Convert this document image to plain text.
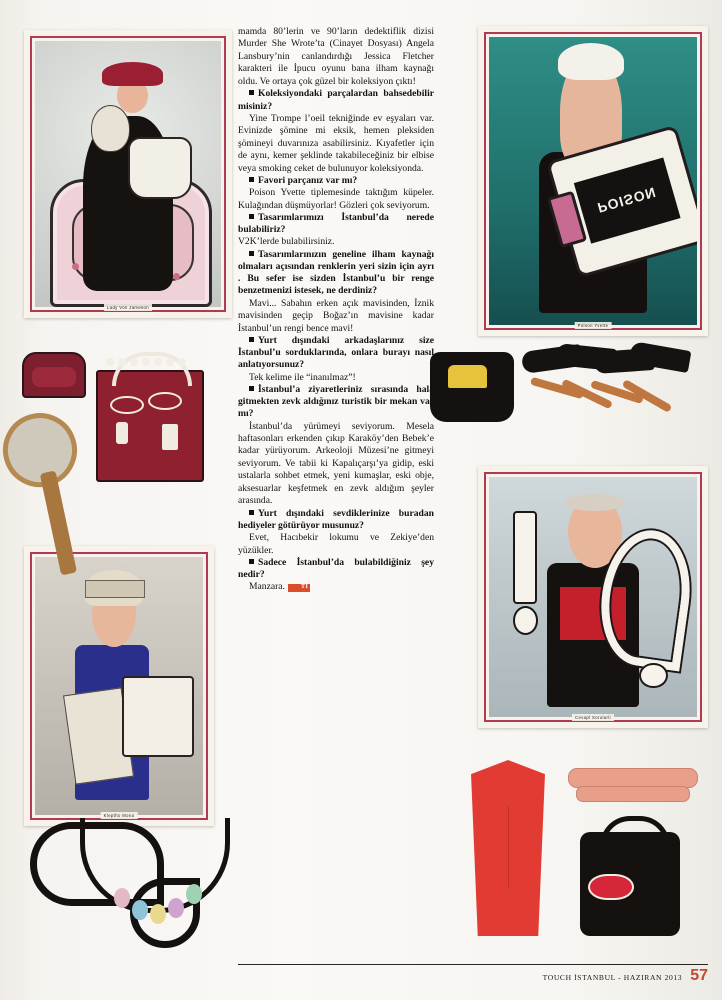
Lady Von Jameson
POISON
Poison Yvette
Cevapl Sorularli
Kleptho Mona

mamda 80’lerin ve 90’ların dedektiflik dizisi Murder She Wrote’ta (Cinayet Dosyası) Angela Lansbury’nin canlandırdığı Jessica Fletcher karakteri ile İpucu oyunu bana ilham kaynağı oldu. Ve ortaya çok güzel bir koleksiyon çıktı!

Koleksiyondaki parçalardan bahsedebilir misiniz?

Yine Trompe l’oeil tekniğinde ev eşyaları var. Evinizde şömine mi eksik, hemen pleksiden şömineyi duvarınıza asabilirsiniz. Kıyafetler için de aynı, kemer şeklinde takabileceğiniz bir elbise veya smoking ceket de bulunuyor koleksiyonda.

Favori parçanız var mı?

Poison Yvette tiplemesinde taktığım küpeler. Kulağından düşmüyorlar! Gözleri çok seviyorum.

Tasarımlarımızı İstanbul’da nerede bulabiliriz?

V2K’lerde bulabilirsiniz.

Tasarımlarınızın geneline ilham kaynağı olmaları açısından renklerin yeri sizin için ayrı . Bu sefer ise sizden İstanbul’u bir renge benzetmenizi istesek, ne derdiniz?

Mavi... Sabahın erken açık mavisinden, İznik mavisinden geçip Boğaz’ın mavisine kadar İstanbul’un rengi bence mavi!

Yurt dışındaki arkadaşlarınız size İstanbul’u sorduklarında, onlara burayı nasıl anlatıyorsunuz?

Tek kelime ile “inanılmaz”!

İstanbul’a ziyaretleriniz sırasında hala gitmekten zevk aldığınız turistik bir mekan var mı?

İstanbul’da yürümeyi seviyorum. Mesela haftasonları erkenden çıkıp Karaköy’den Bebek’e kadar yürüyorum. Arkeoloji Müzesi’ne gitmeyi seviyorum. Ve tabii ki Kapalıçarşı’ya gidip, eski ustalarla sohbet etmek, yeni kumaşlar, eski obje, aksesuarlar keşfetmek en zevk aldığım şeyler arasında.

Yurt dışındaki sevdiklerinize buradan hediyeler götürüyor musunuz?

Evet, Hacıbekir lokumu ve Zekiye’den yüzükler.

Sadece İstanbul’da bulabildiğiniz şey nedir?

Manzara.	TI

TOUCH İSTANBUL - HAZIRAN 2013 57
